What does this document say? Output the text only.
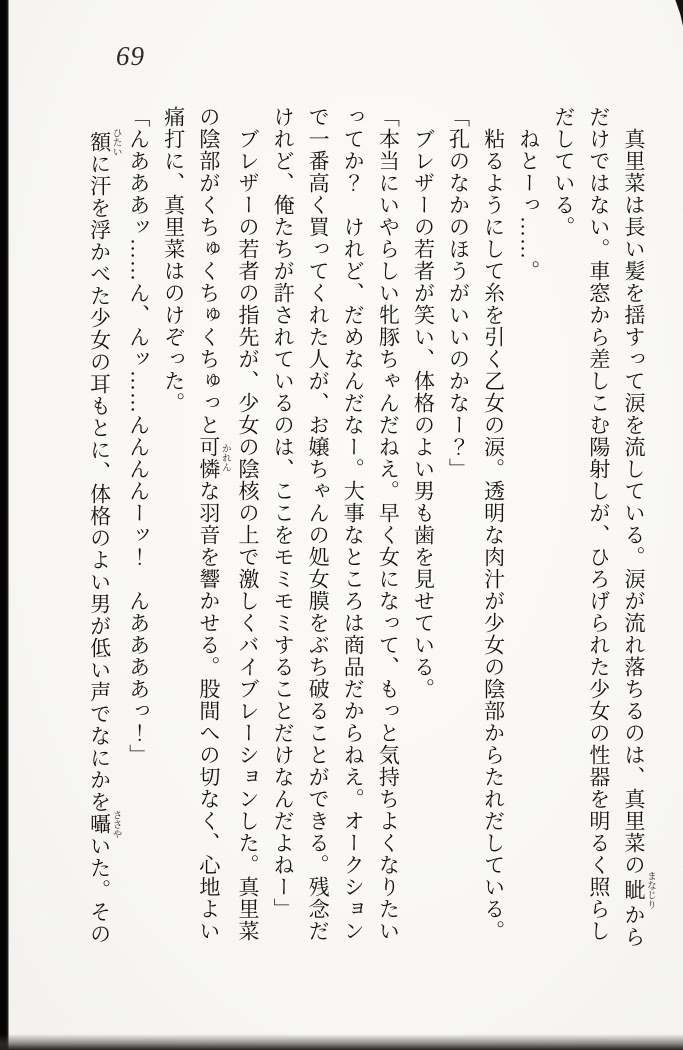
69
真里菜は長い髪を揺すって涙を流している。涙が流れ落ちるのは、真里菜の眦 まなじりから
だけではない。車窓から差しこむ陽射しが、ひろげられた少女の性器を明るく照らし
だしている。
ねとーっ……。
粘るようにして糸を引く乙女の涙。透明な肉汁が少女の陰部からたれだしている。
「孔のなかのほうがいいのかなー？」
ブレザーの若者が笑い、体格のよい男も歯を見せている。
「本当にいやらしい牝豚ちゃんだねえ。早く女になって、もっと気持ちよくなりたい
ってか？　けれど、だめなんだなー。大事なところは商品だからねえ。オークション
で一番高く買ってくれた人が、お嬢ちゃんの処女膜をぶち破ることができる。残念だ
けれど、俺たちが許されているのは、ここをモミモミすることだけなんだよねー」
ブレザーの若者の指先が、少女の陰核の上で激しくバイブレーションした。真里菜
の陰部がくちゅくちゅくちゅっと可憐 かれんな羽音を響かせる。股間への切なく、心地よい
痛打に、真里菜はのけぞった。
「んあああッ……ん、んッ……んんんんーッ！　んああああっ！」
額 ひたいに汗を浮かべた少女の耳もとに、体格のよい男が低い声でなにかを囁 ささやいた。その
